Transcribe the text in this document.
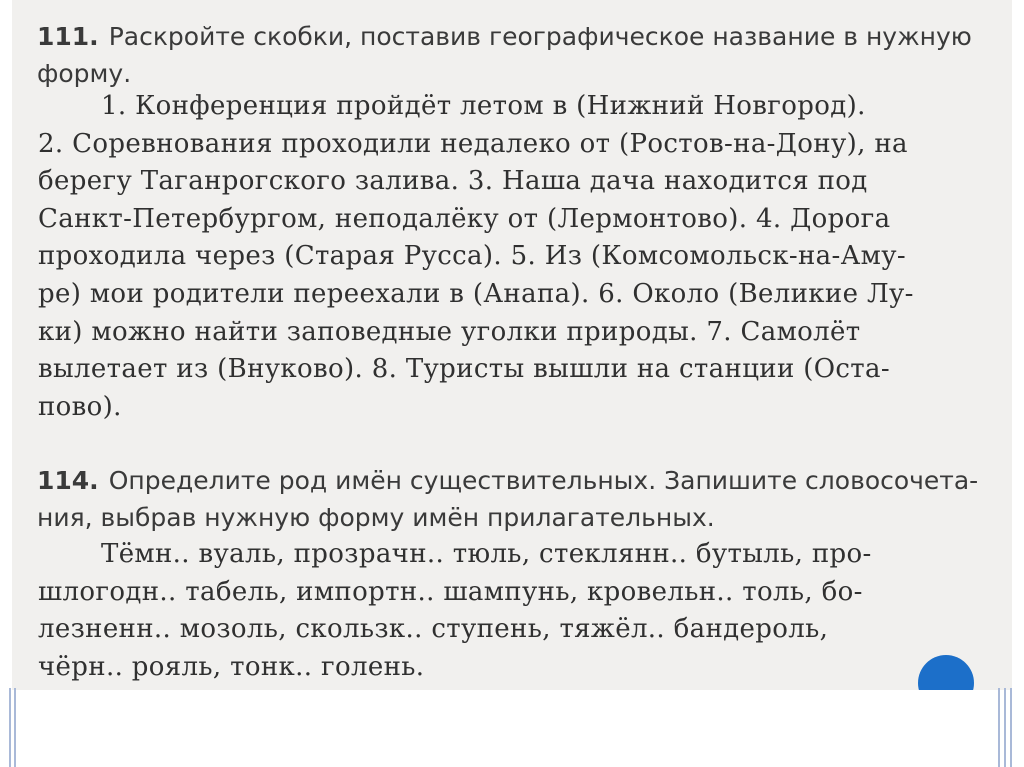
111. Раскройте скобки, поставив географическое название в нужную
форму.
1. Конференция пройдёт летом в (Нижний Новгород).
2. Соревнования проходили недалеко от (Ростов-на-Дону), на
берегу Таганрогского залива. 3. Наша дача находится под
Санкт-Петербургом, неподалёку от (Лермонтово). 4. Дорога
проходила через (Старая Русса). 5. Из (Комсомольск-на-Аму-
ре) мои родители переехали в (Анапа). 6. Около (Великие Лу-
ки) можно найти заповедные уголки природы. 7. Самолёт
вылетает из (Внуково). 8. Туристы вышли на станции (Оста-
пово).
114. Определите род имён существительных. Запишите словосочета-
ния, выбрав нужную форму имён прилагательных.
Тёмн.. вуаль, прозрачн.. тюль, стеклянн.. бутыль, про-
шлогодн.. табель, импортн.. шампунь, кровельн.. толь, бо-
лезненн.. мозоль, скользк.. ступень, тяжёл.. бандероль,
чёрн.. рояль, тонк.. голень.
